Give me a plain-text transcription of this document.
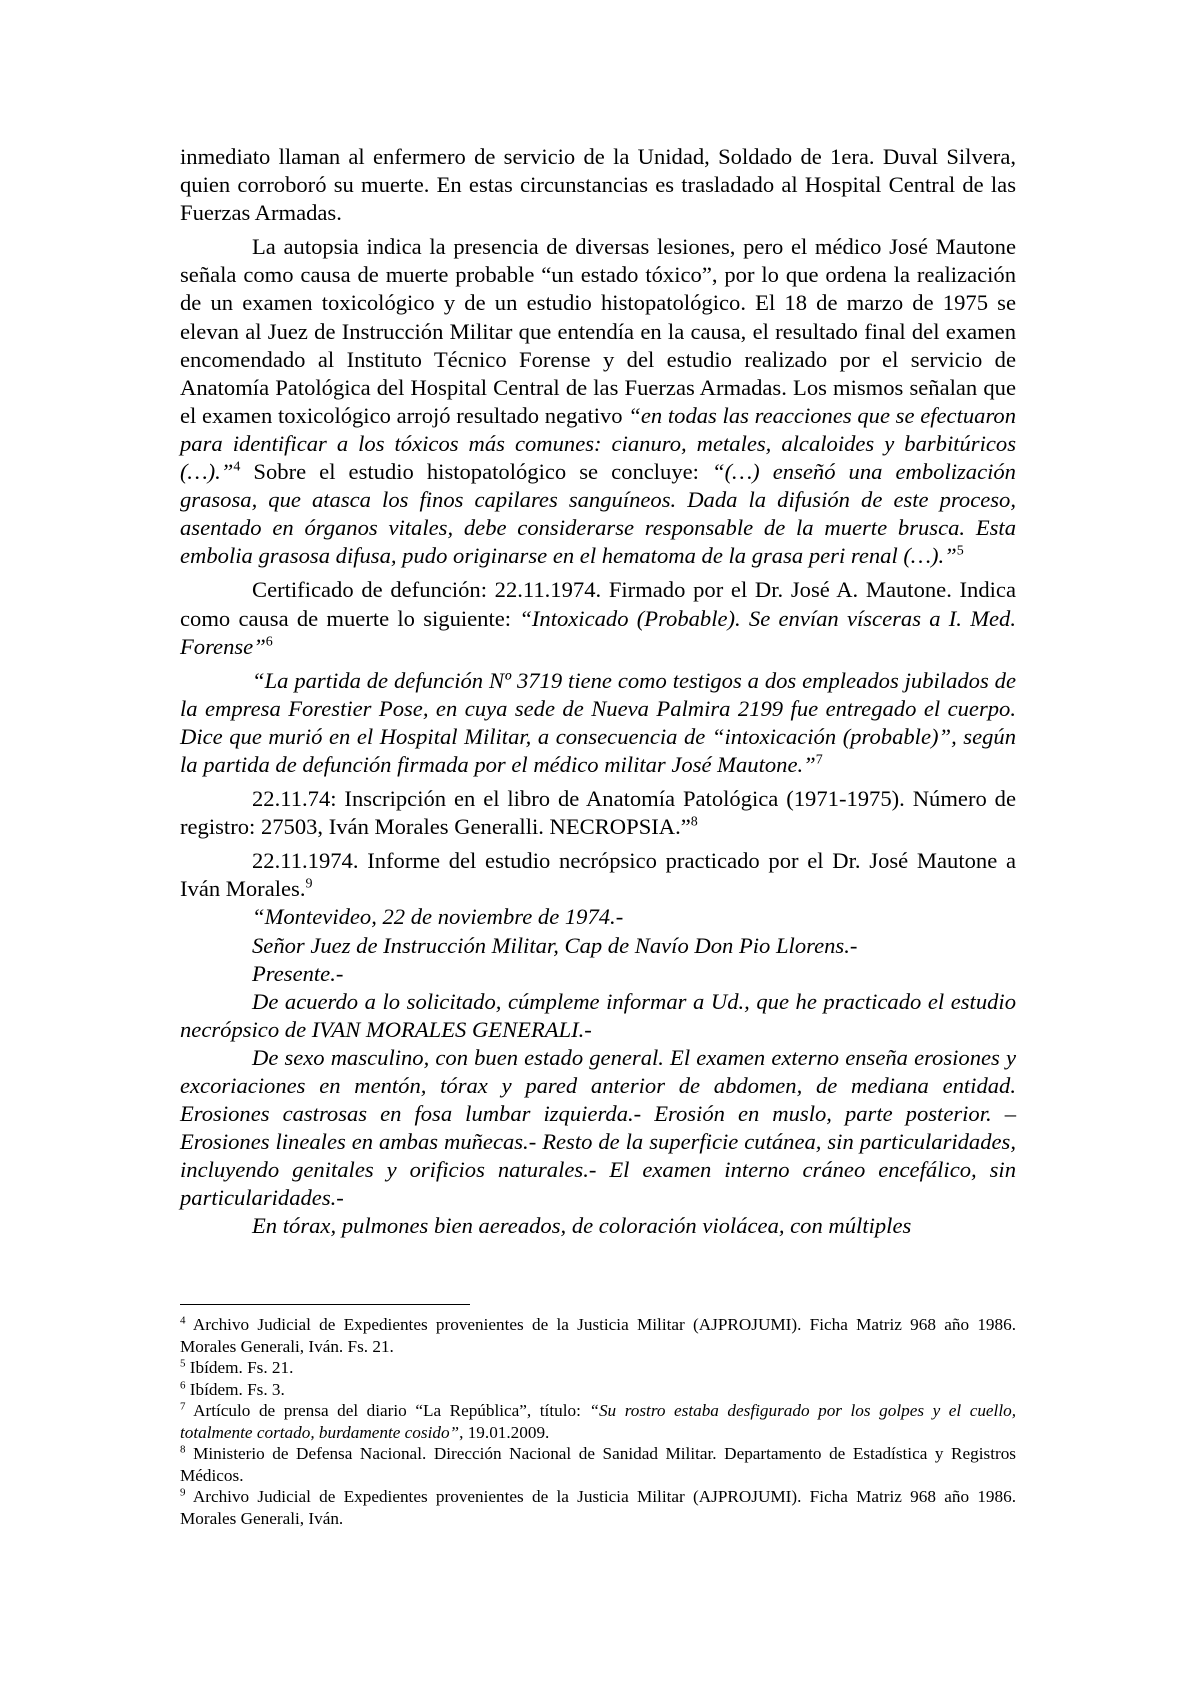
inmediato llaman al enfermero de servicio de la Unidad, Soldado de 1era. Duval Silvera, quien corroboró su muerte. En estas circunstancias es trasladado al Hospital Central de las Fuerzas Armadas.

La autopsia indica la presencia de diversas lesiones, pero el médico José Mautone señala como causa de muerte probable “un estado tóxico”, por lo que ordena la realización de un examen toxicológico y de un estudio histopatológico. El 18 de marzo de 1975 se elevan al Juez de Instrucción Militar que entendía en la causa, el resultado final del examen encomendado al Instituto Técnico Forense y del estudio realizado por el servicio de Anatomía Patológica del Hospital Central de las Fuerzas Armadas. Los mismos señalan que el examen toxicológico arrojó resultado negativo “en todas las reacciones que se efectuaron para identificar a los tóxicos más comunes: cianuro, metales, alcaloides y barbitúricos (…).”$^4$ Sobre el estudio histopatológico se concluye: “(…) enseñó una embolización grasosa, que atasca los finos capilares sanguíneos. Dada la difusión de este proceso, asentado en órganos vitales, debe considerarse responsable de la muerte brusca. Esta embolia grasosa difusa, pudo originarse en el hematoma de la grasa peri renal (…).”$^5$

Certificado de defunción: 22.11.1974. Firmado por el Dr. José A. Mautone. Indica como causa de muerte lo siguiente: “Intoxicado (Probable). Se envían vísceras a I. Med. Forense”$^6$

“La partida de defunción Nº 3719 tiene como testigos a dos empleados jubilados de la empresa Forestier Pose, en cuya sede de Nueva Palmira 2199 fue entregado el cuerpo. Dice que murió en el Hospital Militar, a consecuencia de “intoxicación (probable)”, según la partida de defunción firmada por el médico militar José Mautone.”$^7$

22.11.74: Inscripción en el libro de Anatomía Patológica (1971-1975). Número de registro: 27503, Iván Morales Generalli. NECROPSIA.”$^8$

22.11.1974. Informe del estudio necrópsico practicado por el Dr. José Mautone a Iván Morales.$^9$

“Montevideo, 22 de noviembre de 1974.-

Señor Juez de Instrucción Militar, Cap de Navío Don Pio Llorens.-

Presente.-

De acuerdo a lo solicitado, cúmpleme informar a Ud., que he practicado el estudio necrópsico de IVAN MORALES GENERALI.-

De sexo masculino, con buen estado general. El examen externo enseña erosiones y excoriaciones en mentón, tórax y pared anterior de abdomen, de mediana entidad. Erosiones castrosas en fosa lumbar izquierda.- Erosión en muslo, parte posterior. – Erosiones lineales en ambas muñecas.- Resto de la superficie cutánea, sin particularidades, incluyendo genitales y orificios naturales.- El examen interno cráneo encefálico, sin particularidades.-

En tórax, pulmones bien aereados, de coloración violácea, con múltiples

$^4$ Archivo Judicial de Expedientes provenientes de la Justicia Militar (AJPROJUMI). Ficha Matriz 968 año 1986. Morales Generali, Iván. Fs. 21.

$^5$ Ibídem. Fs. 21.

$^6$ Ibídem. Fs. 3.

$^7$ Artículo de prensa del diario “La República”, título: “Su rostro estaba desfigurado por los golpes y el cuello, totalmente cortado, burdamente cosido”, 19.01.2009.

$^8$ Ministerio de Defensa Nacional. Dirección Nacional de Sanidad Militar. Departamento de Estadística y Registros Médicos.

$^9$ Archivo Judicial de Expedientes provenientes de la Justicia Militar (AJPROJUMI). Ficha Matriz 968 año 1986. Morales Generali, Iván.
